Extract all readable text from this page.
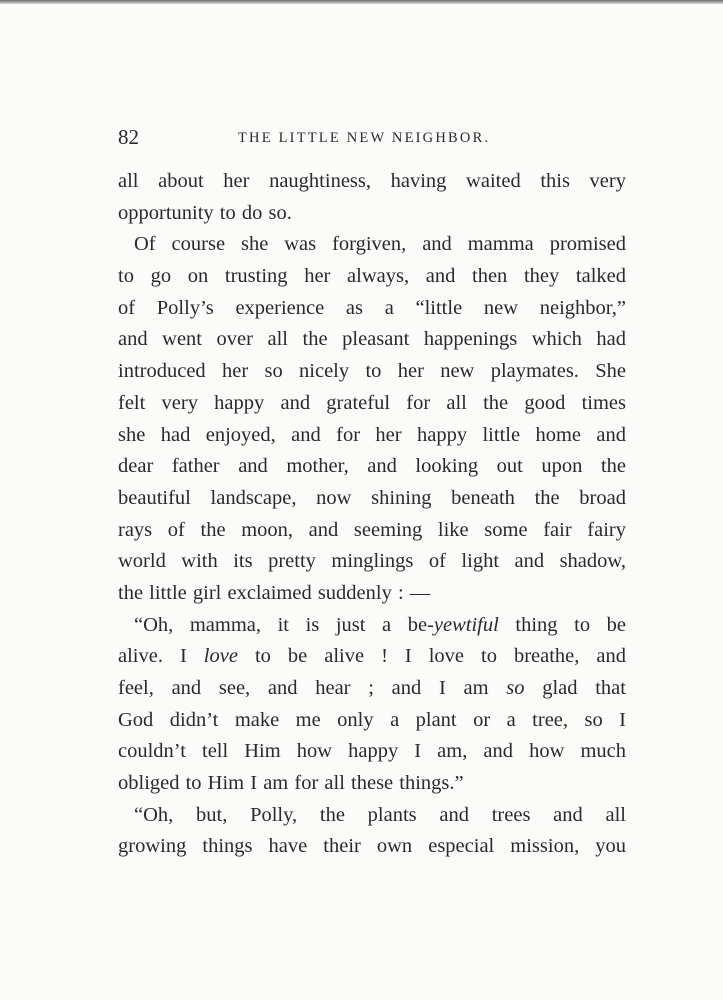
82	THE LITTLE NEW NEIGHBOR.
all about her naughtiness, having waited this very
opportunity to do so.
Of course she was forgiven, and mamma promised
to go on trusting her always, and then they talked
of Polly’s experience as a “little new neighbor,”
and went over all the pleasant happenings which had
introduced her so nicely to her new playmates. She
felt very happy and grateful for all the good times
she had enjoyed, and for her happy little home and
dear father and mother, and looking out upon the
beautiful landscape, now shining beneath the broad
rays of the moon, and seeming like some fair fairy
world with its pretty minglings of light and shadow,
the little girl exclaimed suddenly : —
“Oh, mamma, it is just a be-yewtiful thing to be
alive. I love to be alive ! I love to breathe, and
feel, and see, and hear ; and I am so glad that
God didn’t make me only a plant or a tree, so I
couldn’t tell Him how happy I am, and how much
obliged to Him I am for all these things.”
“Oh, but, Polly, the plants and trees and all
growing things have their own especial mission, you
